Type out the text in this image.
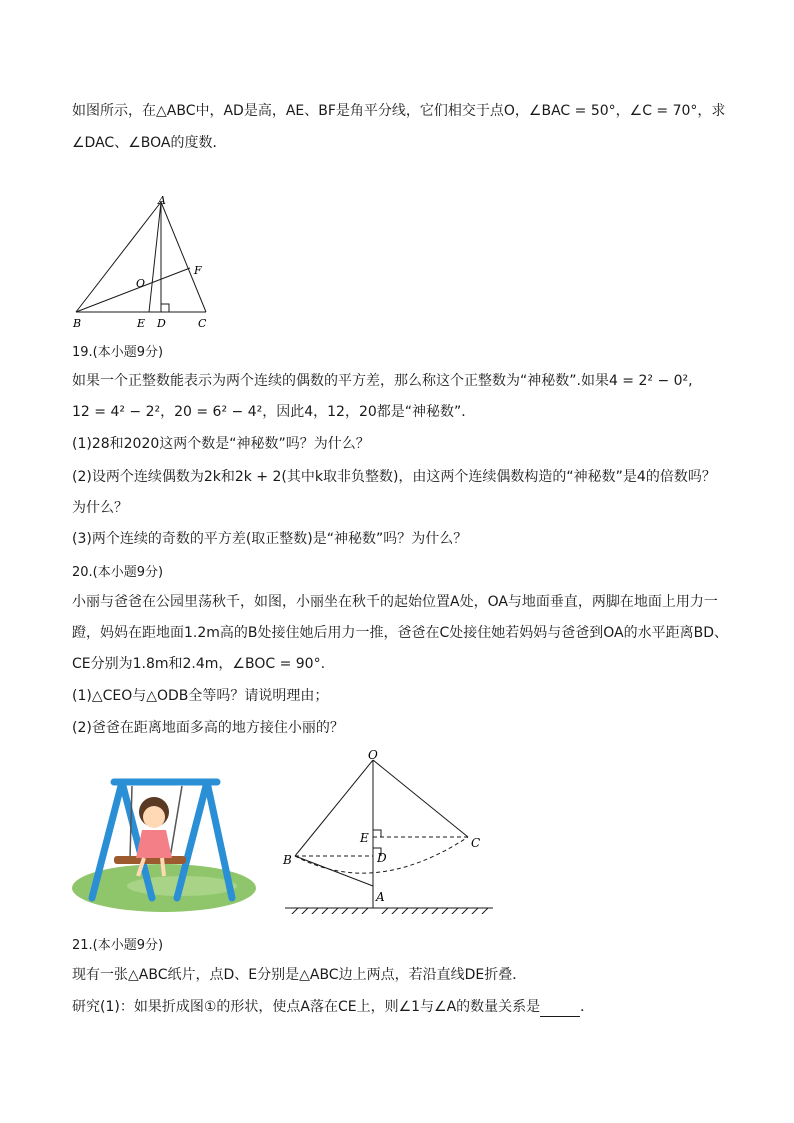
如图所示，在△ABC中，AD是高，AE、BF是角平分线，它们相交于点O，∠BAC = 50°，∠C = 70°，求
∠DAC、∠BOA的度数．
A
B	C
D
E
F
O
19.(本小题9分)
如果一个正整数能表示为两个连续的偶数的平方差，那么称这个正整数为“神秘数”.如果4 = 2² − 0²,
12 = 4² − 2²，20 = 6² − 4²，因此4，12，20都是“神秘数”．
(1)28和2020这两个数是“神秘数”吗？为什么？
(2)设两个连续偶数为2k和2k + 2(其中k取非负整数)，由这两个连续偶数构造的“神秘数”是4的倍数吗？
为什么？
(3)两个连续的奇数的平方差(取正整数)是“神秘数”吗？为什么？
20.(本小题9分)
小丽与爸爸在公园里荡秋千，如图，小丽坐在秋千的起始位置A处，OA与地面垂直，两脚在地面上用力一
蹬，妈妈在距地面1.2m高的B处接住她后用力一推，爸爸在C处接住她若妈妈与爸爸到OA的水平距离BD、
CE分别为1.8m和2.4m，∠BOC = 90°.
(1)△CEO与△ODB全等吗？请说明理由；
(2)爸爸在距离地面多高的地方接住小丽的？
O
A
B
C
D
E
21.(本小题9分)
现有一张△ABC纸片，点D、E分别是△ABC边上两点，若沿直线DE折叠．
研究(1)：如果折成图①的形状，使点A落在CE上，则∠1与∠A的数量关系是	．
